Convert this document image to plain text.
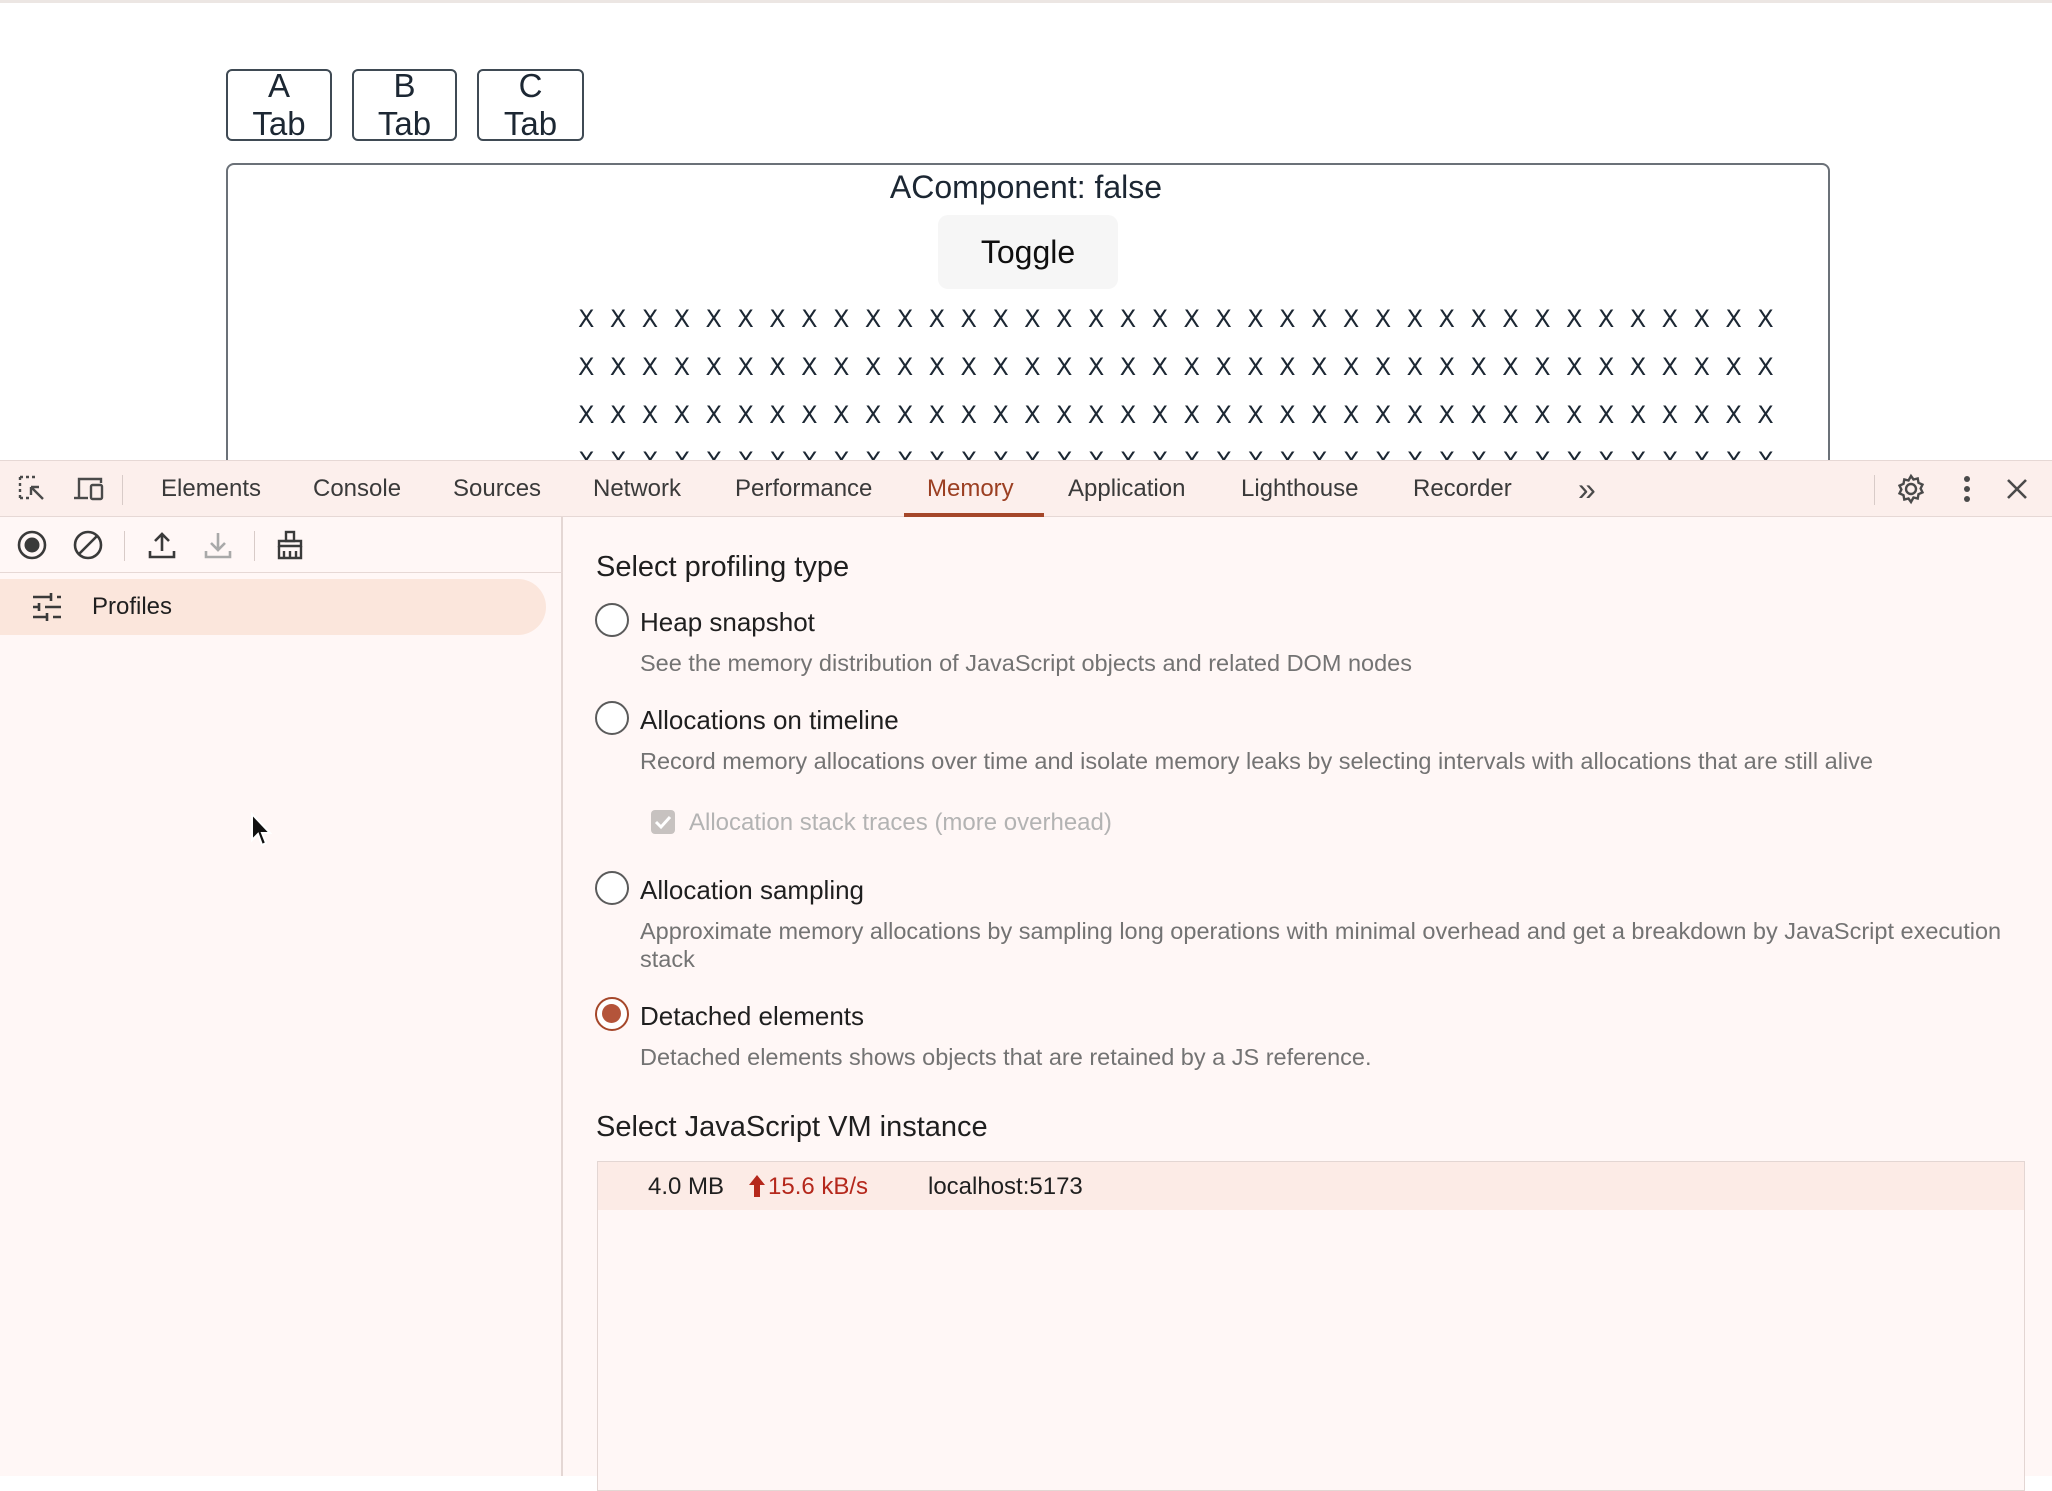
A Tab
B Tab
C Tab
AComponent: false
Toggle
X X X X X X X X X X X X X X X X X X X X X X X X X X X X X X X X X X X X X X
X X X X X X X X X X X X X X X X X X X X X X X X X X X X X X X X X X X X X X
X X X X X X X X X X X X X X X X X X X X X X X X X X X X X X X X X X X X X X
Elements Console Sources Network Performance Memory Application Lighthouse Recorder »
Profiles
Select profiling type
Heap snapshot
See the memory distribution of JavaScript objects and related DOM nodes
Allocations on timeline
Record memory allocations over time and isolate memory leaks by selecting intervals with allocations that are still alive
Allocation stack traces (more overhead)
Allocation sampling
Approximate memory allocations by sampling long operations with minimal overhead and get a breakdown by JavaScript execution stack
Detached elements
Detached elements shows objects that are retained by a JS reference.
Select JavaScript VM instance
4.0 MB 15.6 kB/s localhost:5173
